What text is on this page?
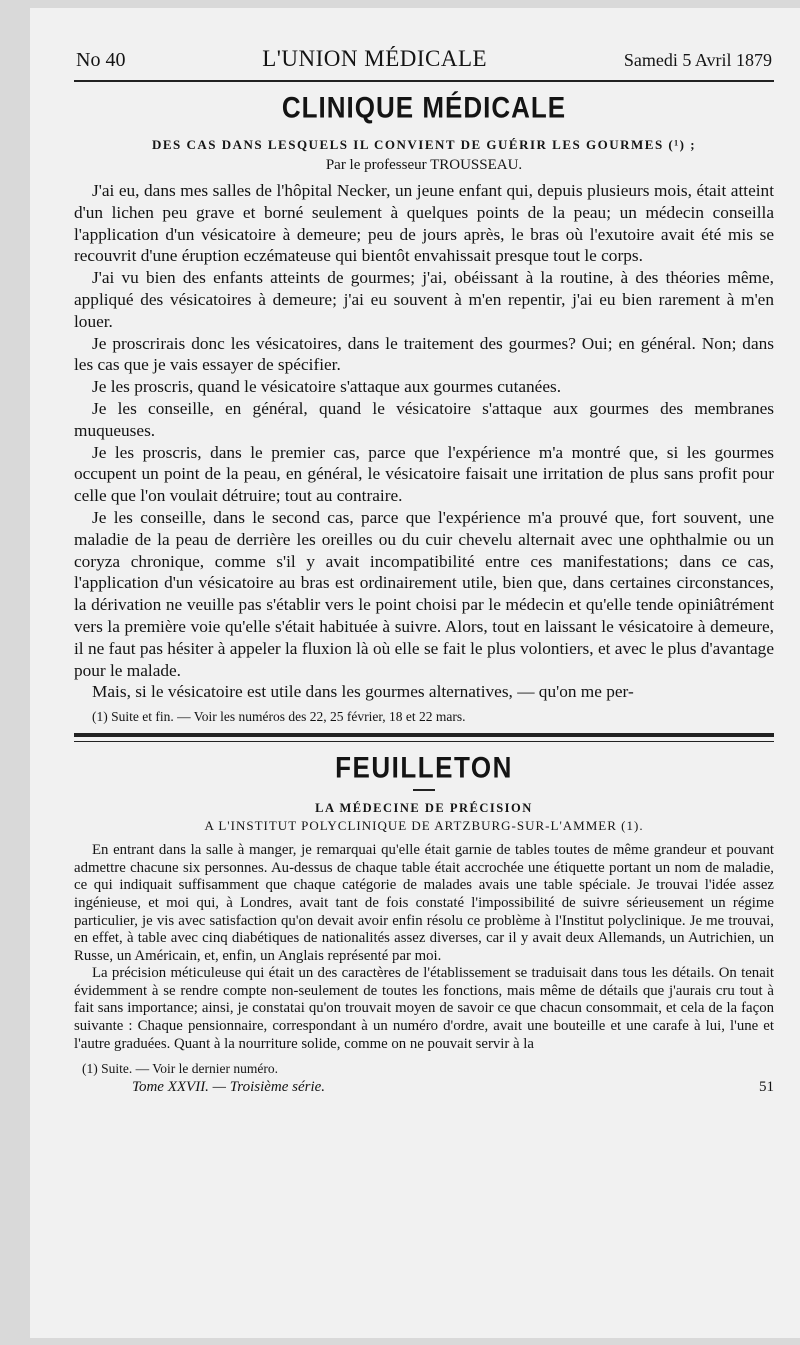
No 40	L'UNION MÉDICALE	Samedi 5 Avril 1879
CLINIQUE MÉDICALE
DES CAS DANS LESQUELS IL CONVIENT DE GUÉRIR LES GOURMES (¹) ;
Par le professeur TROUSSEAU.

J'ai eu, dans mes salles de l'hôpital Necker, un jeune enfant qui, depuis plusieurs mois, était atteint d'un lichen peu grave et borné seulement à quelques points de la peau; un médecin conseilla l'application d'un vésicatoire à demeure; peu de jours après, le bras où l'exutoire avait été mis se recouvrit d'une éruption eczémateuse qui bientôt envahissait presque tout le corps.

J'ai vu bien des enfants atteints de gourmes; j'ai, obéissant à la routine, à des théories même, appliqué des vésicatoires à demeure; j'ai eu souvent à m'en repentir, j'ai eu bien rarement à m'en louer.

Je proscrirais donc les vésicatoires, dans le traitement des gourmes? Oui; en général. Non; dans les cas que je vais essayer de spécifier.

Je les proscris, quand le vésicatoire s'attaque aux gourmes cutanées.

Je les conseille, en général, quand le vésicatoire s'attaque aux gourmes des membranes muqueuses.

Je les proscris, dans le premier cas, parce que l'expérience m'a montré que, si les gourmes occupent un point de la peau, en général, le vésicatoire faisait une irritation de plus sans profit pour celle que l'on voulait détruire; tout au contraire.

Je les conseille, dans le second cas, parce que l'expérience m'a prouvé que, fort souvent, une maladie de la peau de derrière les oreilles ou du cuir chevelu alternait avec une ophthalmie ou un coryza chronique, comme s'il y avait incompatibilité entre ces manifestations; dans ce cas, l'application d'un vésicatoire au bras est ordinairement utile, bien que, dans certaines circonstances, la dérivation ne veuille pas s'établir vers le point choisi par le médecin et qu'elle tende opiniâtrément vers la première voie qu'elle s'était habituée à suivre. Alors, tout en laissant le vésicatoire à demeure, il ne faut pas hésiter à appeler la fluxion là où elle se fait le plus volontiers, et avec le plus d'avantage pour le malade.

Mais, si le vésicatoire est utile dans les gourmes alternatives, — qu'on me per-

(1) Suite et fin. — Voir les numéros des 22, 25 février, 18 et 22 mars.
FEUILLETON
LA MÉDECINE DE PRÉCISION
A L'INSTITUT POLYCLINIQUE DE ARTZBURG-SUR-L'AMMER (1).

En entrant dans la salle à manger, je remarquai qu'elle était garnie de tables toutes de même grandeur et pouvant admettre chacune six personnes. Au-dessus de chaque table était accrochée une étiquette portant un nom de maladie, ce qui indiquait suffisamment que chaque catégorie de malades avais une table spéciale. Je trouvai l'idée assez ingénieuse, et moi qui, à Londres, avait tant de fois constaté l'impossibilité de suivre sérieusement un régime particulier, je vis avec satisfaction qu'on devait avoir enfin résolu ce problème à l'Institut polyclinique. Je me trouvai, en effet, à table avec cinq diabétiques de nationalités assez diverses, car il y avait deux Allemands, un Autrichien, un Russe, un Américain, et, enfin, un Anglais représenté par moi.

La précision méticuleuse qui était un des caractères de l'établissement se traduisait dans tous les détails. On tenait évidemment à se rendre compte non-seulement de toutes les fonctions, mais même de détails que j'aurais cru tout à fait sans importance; ainsi, je constatai qu'on trouvait moyen de savoir ce que chacun consommait, et cela de la façon suivante : Chaque pensionnaire, correspondant à un numéro d'ordre, avait une bouteille et une carafe à lui, l'une et l'autre graduées. Quant à la nourriture solide, comme on ne pouvait servir à la

(1) Suite. — Voir le dernier numéro.
Tome XXVII. — Troisième série.	51
